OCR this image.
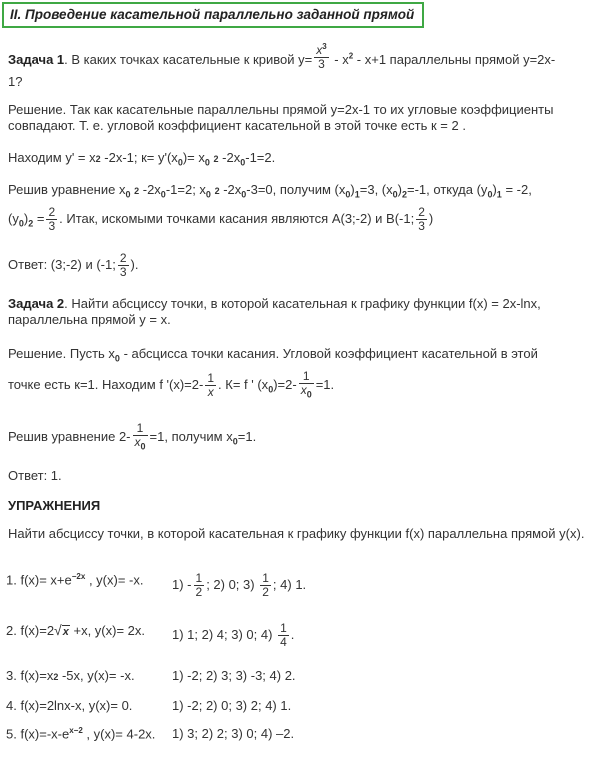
II. Проведение касательной параллельно заданной прямой
Задача 1. В каких точках касательные к кривой $y= \frac{x^3}{3} - x^2 - x+1$ параллельны прямой y=2x-
1?
Решение. Так как касательные параллельны прямой y=2x-1 то их угловые коэффициенты совпадают. Т. е. угловой коэффициент касательной в этой точке есть к = 2 .
Находим y' = x2 -2x-1; $к= y'(x_0)= x_0$ 2 $-2x_0-1=2$.
Решив уравнение $x_0$ 2 $-2x_0-1=2$; $x_0$ 2 $-2x_0-3=0$, получим $(x_0)_1=3$, $(x_0)_2=-1$, откуда $(y_0)_1 = -2$,
$(y_0)_2 = \frac{2}{3}$ . Итак, искомыми точками касания являются A(3;-2) и B(-1; $\frac{2}{3}$ )
Ответ: (3;-2) и (-1; $\frac{2}{3}$ ).
Задача 2. Найти абсциссу точки, в которой касательная к графику функции f(x) = 2x-lnx, параллельна прямой y = x.
Решение. Пусть $x_0$ - абсцисса точки касания. Угловой коэффициент касательной в этой
точке есть к=1. Находим f '$(x)=2- \frac{1}{x}$ . К= f ' $(x_0)=2- \frac{1}{x_0} =1$.
Решив уравнение $2- \frac{1}{x_0} =1$, получим $x_0=1$.
Ответ: 1.
УПРАЖНЕНИЯ
Найти абсциссу точки, в которой касательная к графику функции f(x) параллельна прямой y(x).
1. $f(x)= x+e^{-2x}$ , y(x)= -x.	$1) - \frac{1}{2}$ ; 2) 0; $3) \frac{1}{2}$ ; 4) 1.
2. f(x)=2√x +x, y(x)= 2x.	1) 1; 2) 4; 3) 0; $4) \frac{1}{4}$ .
3. f(x)=x2 -5x, y(x)= -x.	1) -2; 2) 3; 3) -3; 4) 2.
4. f(x)=2lnx-x, y(x)= 0.	1) -2; 2) 0; 3) 2; 4) 1.
5. $f(x)=-x-e^{x-2}$ , y(x)= 4-2x.	1) 3; 2) 2; 3) 0; 4) –2.
